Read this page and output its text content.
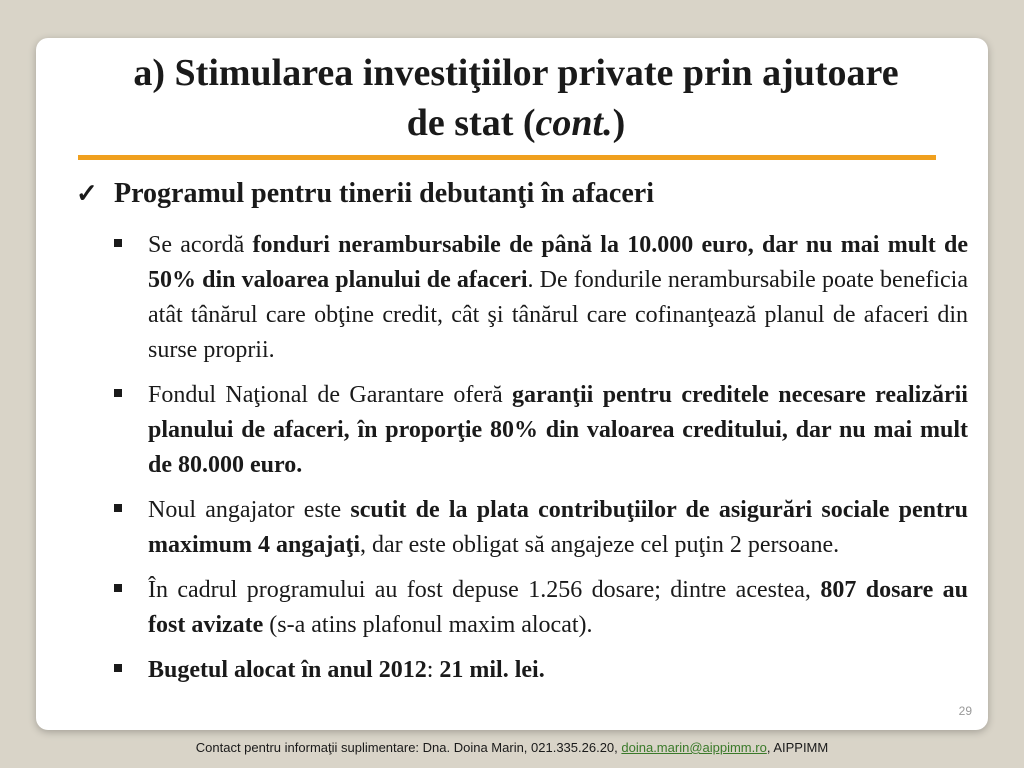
a) Stimularea investiţiilor private prin ajutoare
de stat (cont.)
✓ Programul pentru tinerii debutanţi în afaceri
Se acordă fonduri nerambursabile de până la 10.000 euro, dar nu mai mult de 50% din valoarea planului de afaceri. De fondurile nerambursabile poate beneficia atât tânărul care obţine credit, cât şi tânărul care cofinanţează planul de afaceri din surse proprii.
Fondul Naţional de Garantare oferă garanţii pentru creditele necesare realizării planului de afaceri, în proporţie 80% din valoarea creditului, dar nu mai mult de 80.000 euro.
Noul angajator este scutit de la plata contribuţiilor de asigurări sociale pentru maximum 4 angajaţi, dar este obligat să angajeze cel puţin 2 persoane.
În cadrul programului au fost depuse 1.256 dosare; dintre acestea, 807 dosare au fost avizate (s-a atins plafonul maxim alocat).
Bugetul alocat în anul 2012: 21 mil. lei.
29
Contact pentru informaţii suplimentare: Dna. Doina Marin, 021.335.26.20, doina.marin@aippimm.ro, AIPPIMM
